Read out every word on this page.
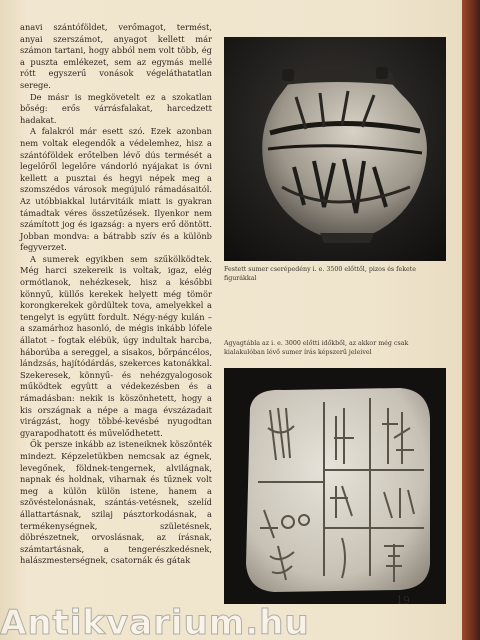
anavi szántóföldet, verőmagot, termést, anyai szerszámot, anyagot kellett már számon tartani, hogy abból nem volt több, ég a puszta emlékezet, sem az egymás mellé rótt egyszerű vonások végeláthatatlan serege.

De másr is megkövetelt ez a szokatlan bőség: erős várrásfalakat, harcedzett hadakat.

A falakról már esett szó. Ezek azonban nem voltak elegendők a védelemhez, hisz a szántóföldek erőtelben lévő dús termését a legelőről legelőre vándorló nyájakat is óvni kellett a pusztai és hegyi népek meg a szomszédos városok megújuló rámadásaitól. Az utóbbiakkal lutárvitáik miatt is gyakran támadtak véres összetűzések. Ilyenkor nem számított jog és igazság: a nyers erő döntött. Jobban mondva: a bátrabb szív és a különb fegyverzet.

A sumerek egyikben sem szűkölködtek. Még harci szekereik is voltak, igaz, elég ormótlanok, nehézkesek, hisz a későbbi könnyű, küllős kerekek helyett még tömör korongkerekek gördültek tova, amelyekkel a tengelyt is együtt fordult. Négy-négy kulán – a szamárhoz hasonló, de mégis inkább lófele állatot – fogtak elébük, úgy indultak harcba, háborúba a sereggel, a sisakos, bőrpáncélos, lándzsás, hajítódárdás, szekerces katonákkal. Szekeresek, könnyű- és nehézgyalogosok működtek együtt a védekezésben és a rámadásban: nekik is köszönhetett, hogy a kis országnak a népe a maga évszázadait virágzást, hogy többé-kevésbé nyugodtan gyarapodhatott és művelődhetett.

Ők persze inkább az isteneiknek köszönték mindezt. Képzeletükben nemcsak az égnek, levegőnek, földnek-tengernek, alvilágnak, napnak és holdnak, viharnak és tűznek volt meg a külön külön istene, hanem a szövéstelonásnak, szántás-vetésnek, szelíd állattartásnak, szilaj pásztorkodásnak, a termékenységnek, születésnek, döbrészetnek, orvoslásnak, az írásnak, számtartásnak, a tengerészkedésnek, halászmesterségnek, csatornák és gátak

Festett sumer cserépedény i. e. 3500 előttől, pizos és fekete figurákkal
Agyagtábla az i. e. 3000 előtti időkből, az akkor még csak kialakulóban lévő sumer írás képszerű jeleivel
19
Antikvarium.hu
